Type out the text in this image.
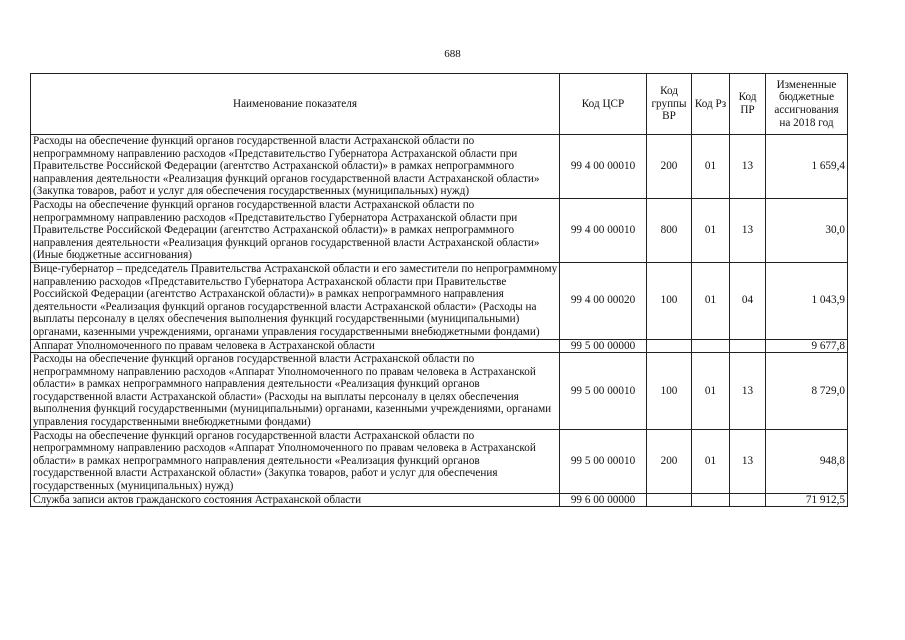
688
Наименование показателя	Код ЦСР	Код группы ВР	Код Рз	Код ПР	Измененные бюджетные ассигнования на 2018 год
Расходы на обеспечение функций органов государственной власти Астраханской области по непрограммному направлению расходов «Представительство Губернатора Астраханской области при Правительстве Российской Федерации (агентство Астраханской области)» в рамках непрограммного направления деятельности «Реализация функций органов государственной власти Астраханской области» (Закупка товаров, работ и услуг для обеспечения государственных (муниципальных) нужд)	99 4 00 00010	200	01	13	1 659,4
Расходы на обеспечение функций органов государственной власти Астраханской области по непрограммному направлению расходов «Представительство Губернатора Астраханской области при Правительстве Российской Федерации (агентство Астраханской области)» в рамках непрограммного направления деятельности «Реализация функций органов государственной власти Астраханской области» (Иные бюджетные ассигнования)	99 4 00 00010	800	01	13	30,0
Вице-губернатор – председатель Правительства Астраханской области и его заместители по непрограммному направлению расходов «Представительство Губернатора Астраханской области при Правительстве Российской Федерации (агентство Астраханской области)» в рамках непрограммного направления деятельности «Реализация функций органов государственной власти Астраханской области» (Расходы на выплаты персоналу в целях обеспечения выполнения функций государственными (муниципальными) органами, казенными учреждениями, органами управления государственными внебюджетными фондами)	99 4 00 00020	100	01	04	1 043,9
Аппарат Уполномоченного по правам человека в Астраханской области	99 5 00 00000				9 677,8
Расходы на обеспечение функций органов государственной власти Астраханской области по непрограммному направлению расходов «Аппарат Уполномоченного по правам человека в Астраханской области» в рамках непрограммного направления деятельности «Реализация функций органов государственной власти Астраханской области» (Расходы на выплаты персоналу в целях обеспечения выполнения функций государственными (муниципальными) органами, казенными учреждениями, органами управления государственными внебюджетными фондами)	99 5 00 00010	100	01	13	8 729,0
Расходы на обеспечение функций органов государственной власти Астраханской области по непрограммному направлению расходов «Аппарат Уполномоченного по правам человека в Астраханской области» в рамках непрограммного направления деятельности «Реализация функций органов государственной власти Астраханской области» (Закупка товаров, работ и услуг для обеспечения государственных (муниципальных) нужд)	99 5 00 00010	200	01	13	948,8
Служба записи актов гражданского состояния Астраханской области	99 6 00 00000				71 912,5
